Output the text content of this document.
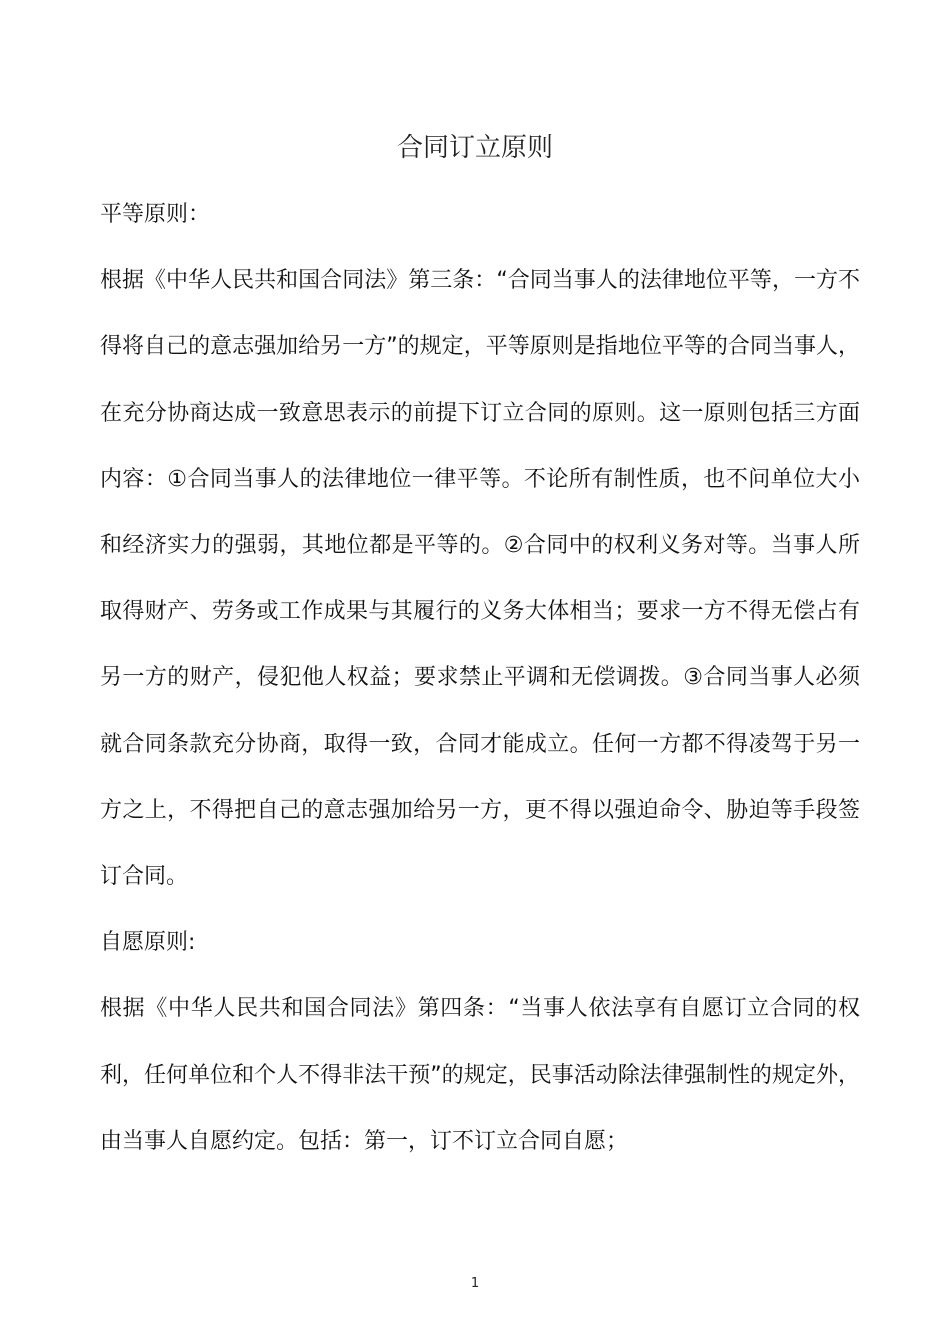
合同订立原则

平等原则：

根据《中华人民共和国合同法》第三条：“合同当事人的法律地位平等，一方不得将自己的意志强加给另一方”的规定，平等原则是指地位平等的合同当事人，在充分协商达成一致意思表示的前提下订立合同的原则。这一原则包括三方面内容：①合同当事人的法律地位一律平等。不论所有制性质，也不问单位大小和经济实力的强弱，其地位都是平等的。②合同中的权利义务对等。当事人所取得财产、劳务或工作成果与其履行的义务大体相当；要求一方不得无偿占有另一方的财产，侵犯他人权益；要求禁止平调和无偿调拨。③合同当事人必须就合同条款充分协商，取得一致，合同才能成立。任何一方都不得凌驾于另一方之上，不得把自己的意志强加给另一方，更不得以强迫命令、胁迫等手段签订合同。

自愿原则:

根据《中华人民共和国合同法》第四条：“当事人依法享有自愿订立合同的权利，任何单位和个人不得非法干预”的规定，民事活动除法律强制性的规定外，由当事人自愿约定。包括：第一，订不订立合同自愿；

1
